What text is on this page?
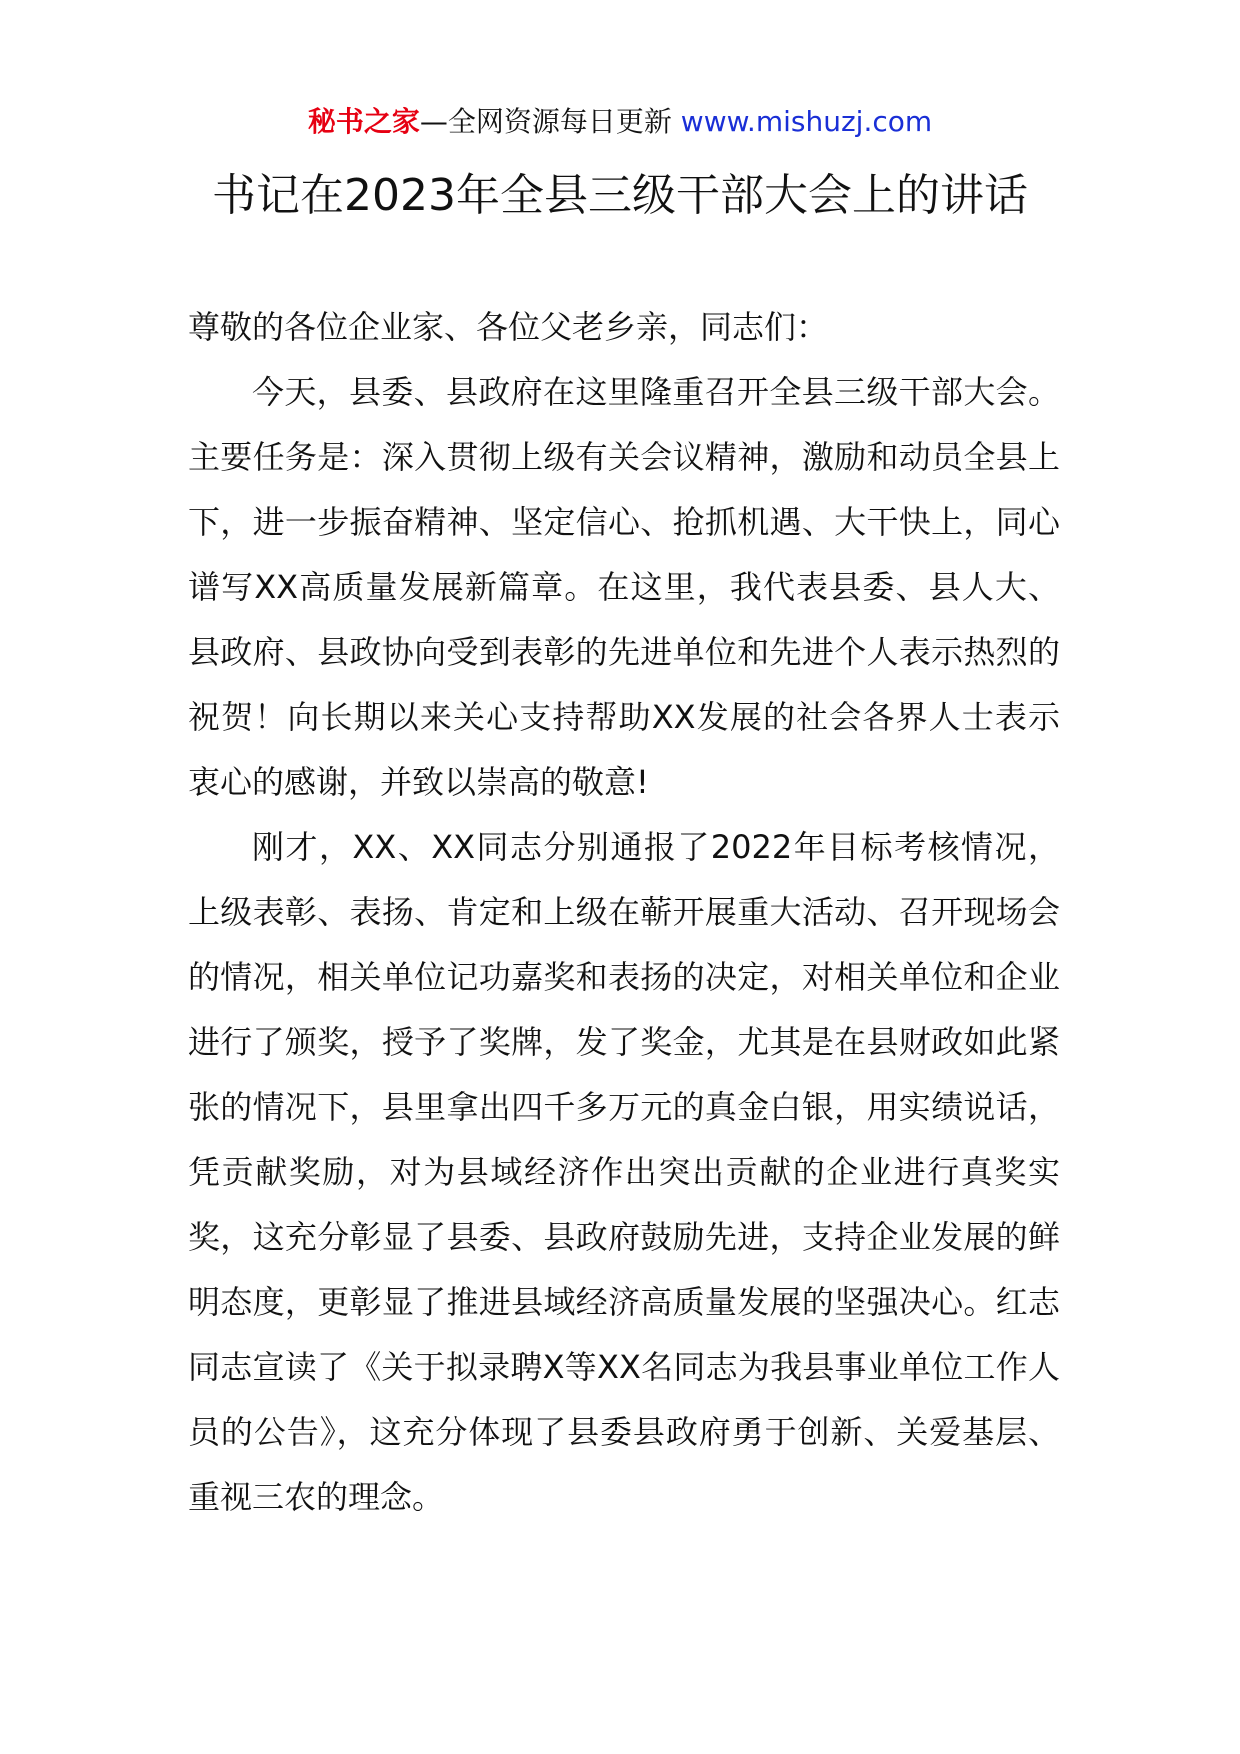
秘书之家—全网资源每日更新 www.mishuzj.com
书记在2023年全县三级干部大会上的讲话

尊敬的各位企业家、各位父老乡亲，同志们：

今天，县委、县政府在这里隆重召开全县三级干部大会。主要任务是：深入贯彻上级有关会议精神，激励和动员全县上下，进一步振奋精神、坚定信心、抢抓机遇、大干快上，同心谱写XX高质量发展新篇章。在这里，我代表县委、县人大、县政府、县政协向受到表彰的先进单位和先进个人表示热烈的祝贺！向长期以来关心支持帮助XX发展的社会各界人士表示衷心的感谢，并致以崇高的敬意!

刚才，XX、XX同志分别通报了2022年目标考核情况，上级表彰、表扬、肯定和上级在蕲开展重大活动、召开现场会的情况，相关单位记功嘉奖和表扬的决定，对相关单位和企业进行了颁奖，授予了奖牌，发了奖金，尤其是在县财政如此紧张的情况下，县里拿出四千多万元的真金白银，用实绩说话，凭贡献奖励，对为县域经济作出突出贡献的企业进行真奖实奖，这充分彰显了县委、县政府鼓励先进，支持企业发展的鲜明态度，更彰显了推进县域经济高质量发展的坚强决心。红志同志宣读了《关于拟录聘X等XX名同志为我县事业单位工作人员的公告》，这充分体现了县委县政府勇于创新、关爱基层、重视三农的理念。
